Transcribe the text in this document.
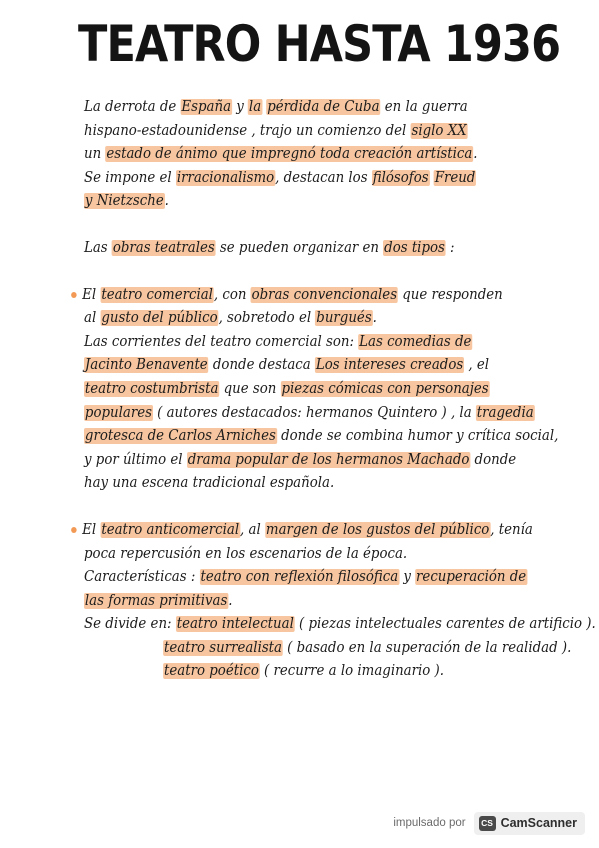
TEATRO HASTA 1936
La derrota de España y la pérdida de Cuba en la guerra
hispano-estadounidense , trajo un comienzo del siglo XX
un estado de ánimo que impregnó toda creación artística.
Se impone el irracionalismo, destacan los filósofos Freud
y Nietzsche.
Las obras teatrales se pueden organizar en dos tipos :
El teatro comercial, con obras convencionales que responden
al gusto del público, sobretodo el burgués.
Las corrientes del teatro comercial son: Las comedias de
Jacinto Benavente donde destaca Los intereses creados , el
teatro costumbrista que son piezas cómicas con personajes
populares ( autores destacados: hermanos Quintero ) , la tragedia
grotesca de Carlos Arniches donde se combina humor y crítica social,
y por último el drama popular de los hermanos Machado donde
hay una escena tradicional española.
El teatro anticomercial, al margen de los gustos del público, tenía
poca repercusión en los escenarios de la época.
Características : teatro con reflexión filosófica y recuperación de
las formas primitivas.
Se divide en: teatro intelectual ( piezas intelectuales carentes de artificio ).
teatro surrealista ( basado en la superación de la realidad ).
teatro poético ( recurre a lo imaginario ).
impulsado por	CS CamScanner
